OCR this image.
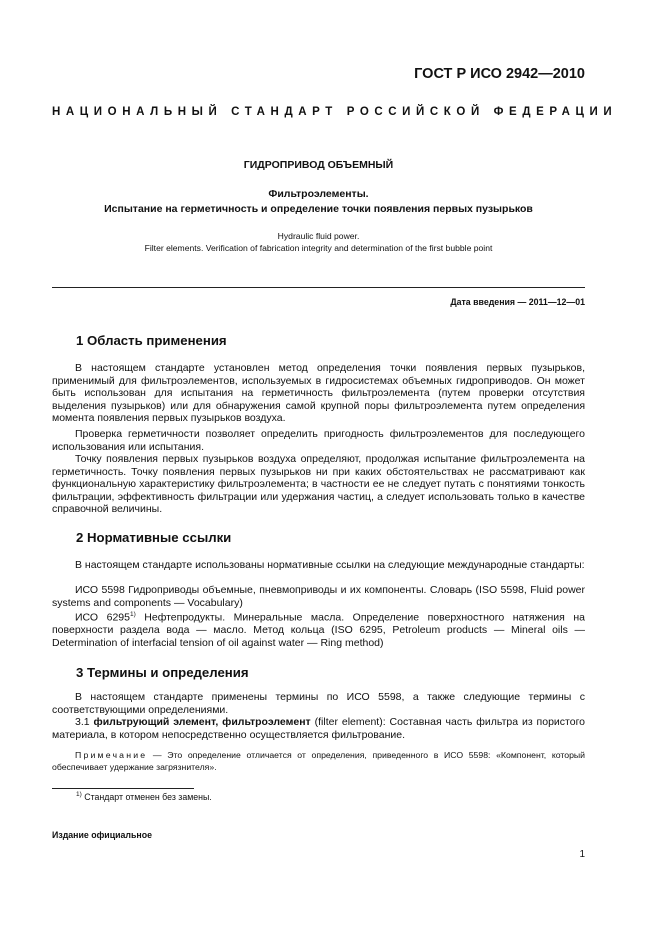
ГОСТ Р ИСО 2942—2010
НАЦИОНАЛЬНЫЙ СТАНДАРТ РОССИЙСКОЙ ФЕДЕРАЦИИ
ГИДРОПРИВОД ОБЪЕМНЫЙ
Фильтроэлементы.
Испытание на герметичность и определение точки появления первых пузырьков
Hydraulic fluid power.
Filter elements. Verification of fabrication integrity and determination of the first bubble point
Дата введения — 2011—12—01
1 Область применения

В настоящем стандарте установлен метод определения точки появления первых пузырьков, применимый для фильтроэлементов, используемых в гидросистемах объемных гидроприводов. Он может быть использован для испытания на герметичность фильтроэлемента (путем проверки отсутствия выделения пузырьков) или для обнаружения самой крупной поры фильтроэлемента путем определения момента появления первых пузырьков воздуха.

Проверка герметичности позволяет определить пригодность фильтроэлементов для последующего использования или испытания.

Точку появления первых пузырьков воздуха определяют, продолжая испытание фильтроэлемента на герметичность. Точку появления первых пузырьков ни при каких обстоятельствах не рассматривают как функциональную характеристику фильтроэлемента; в частности ее не следует путать с понятиями тонкость фильтрации, эффективность фильтрации или удержания частиц, а следует использовать только в качестве справочной величины.

2 Нормативные ссылки

В настоящем стандарте использованы нормативные ссылки на следующие международные стандарты:

ИСО 5598 Гидроприводы объемные, пневмоприводы и их компоненты. Словарь (ISO 5598, Fluid power systems and components — Vocabulary)

ИСО 6295$^{1)}$ Нефтепродукты. Минеральные масла. Определение поверхностного натяжения на поверхности раздела вода — масло. Метод кольца (ISO 6295, Petroleum products — Mineral oils — Determination of interfacial tension of oil against water — Ring method)

3 Термины и определения

В настоящем стандарте применены термины по ИСО 5598, а также следующие термины с соответствующими определениями.

3.1 фильтрующий элемент, фильтроэлемент (filter element): Составная часть фильтра из пористого материала, в котором непосредственно осуществляется фильтрование.

Примечание — Это определение отличается от определения, приведенного в ИСО 5598: «Компонент, который обеспечивает удержание загрязнителя».

$^{1)}$ Стандарт отменен без замены.
Издание официальное
1
